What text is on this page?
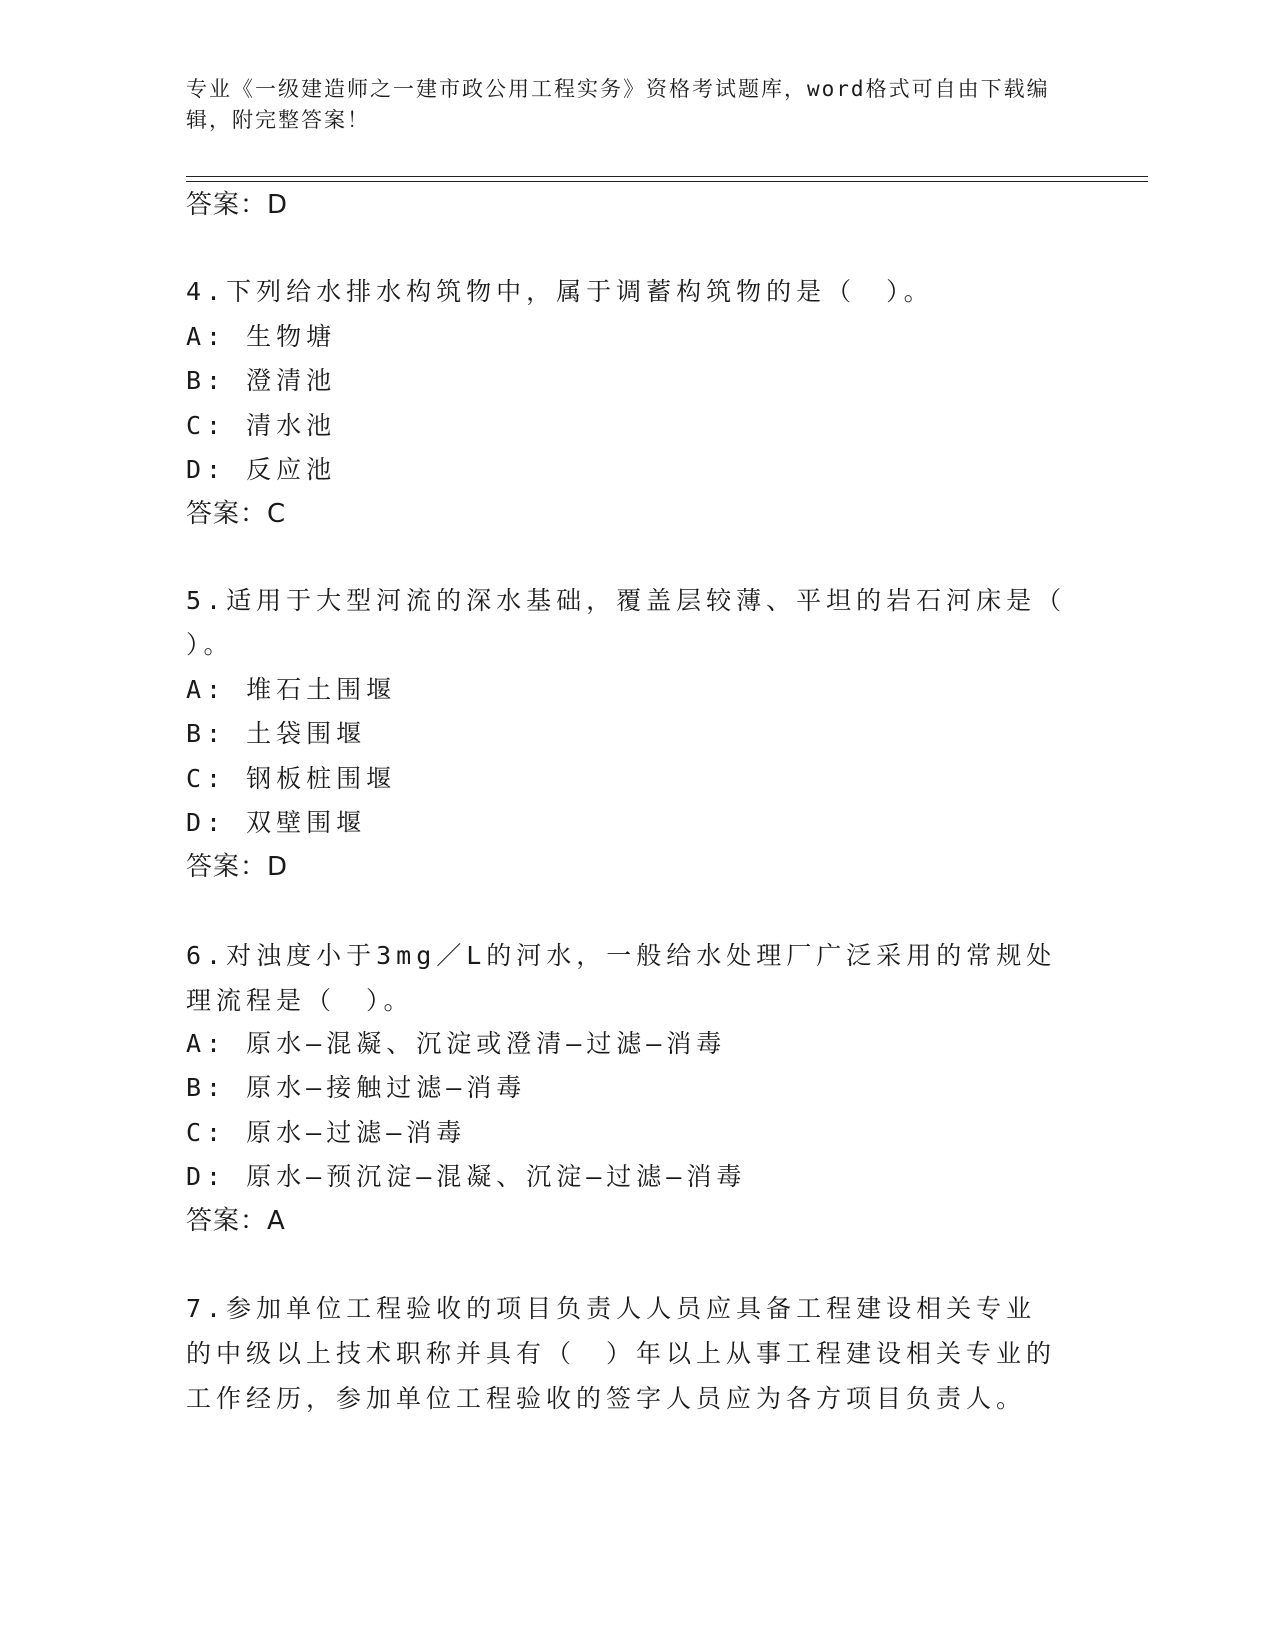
专业《一级建造师之一建市政公用工程实务》资格考试题库，word格式可自由下载编辑，附完整答案！
答案：D
4.下列给水排水构筑物中，属于调蓄构筑物的是（　）。
A: 生物塘
B: 澄清池
C: 清水池
D: 反应池
答案：C
5.适用于大型河流的深水基础，覆盖层较薄、平坦的岩石河床是（
）。
A: 堆石土围堰
B: 土袋围堰
C: 钢板桩围堰
D: 双壁围堰
答案：D
6.对浊度小于3mg／L的河水，一般给水处理厂广泛采用的常规处理流程是（　）。
A: 原水—混凝、沉淀或澄清—过滤—消毒
B: 原水—接触过滤—消毒
C: 原水—过滤—消毒
D: 原水—预沉淀—混凝、沉淀—过滤—消毒
答案：A
7.参加单位工程验收的项目负责人人员应具备工程建设相关专业的中级以上技术职称并具有（　）年以上从事工程建设相关专业的工作经历，参加单位工程验收的签字人员应为各方项目负责人。
